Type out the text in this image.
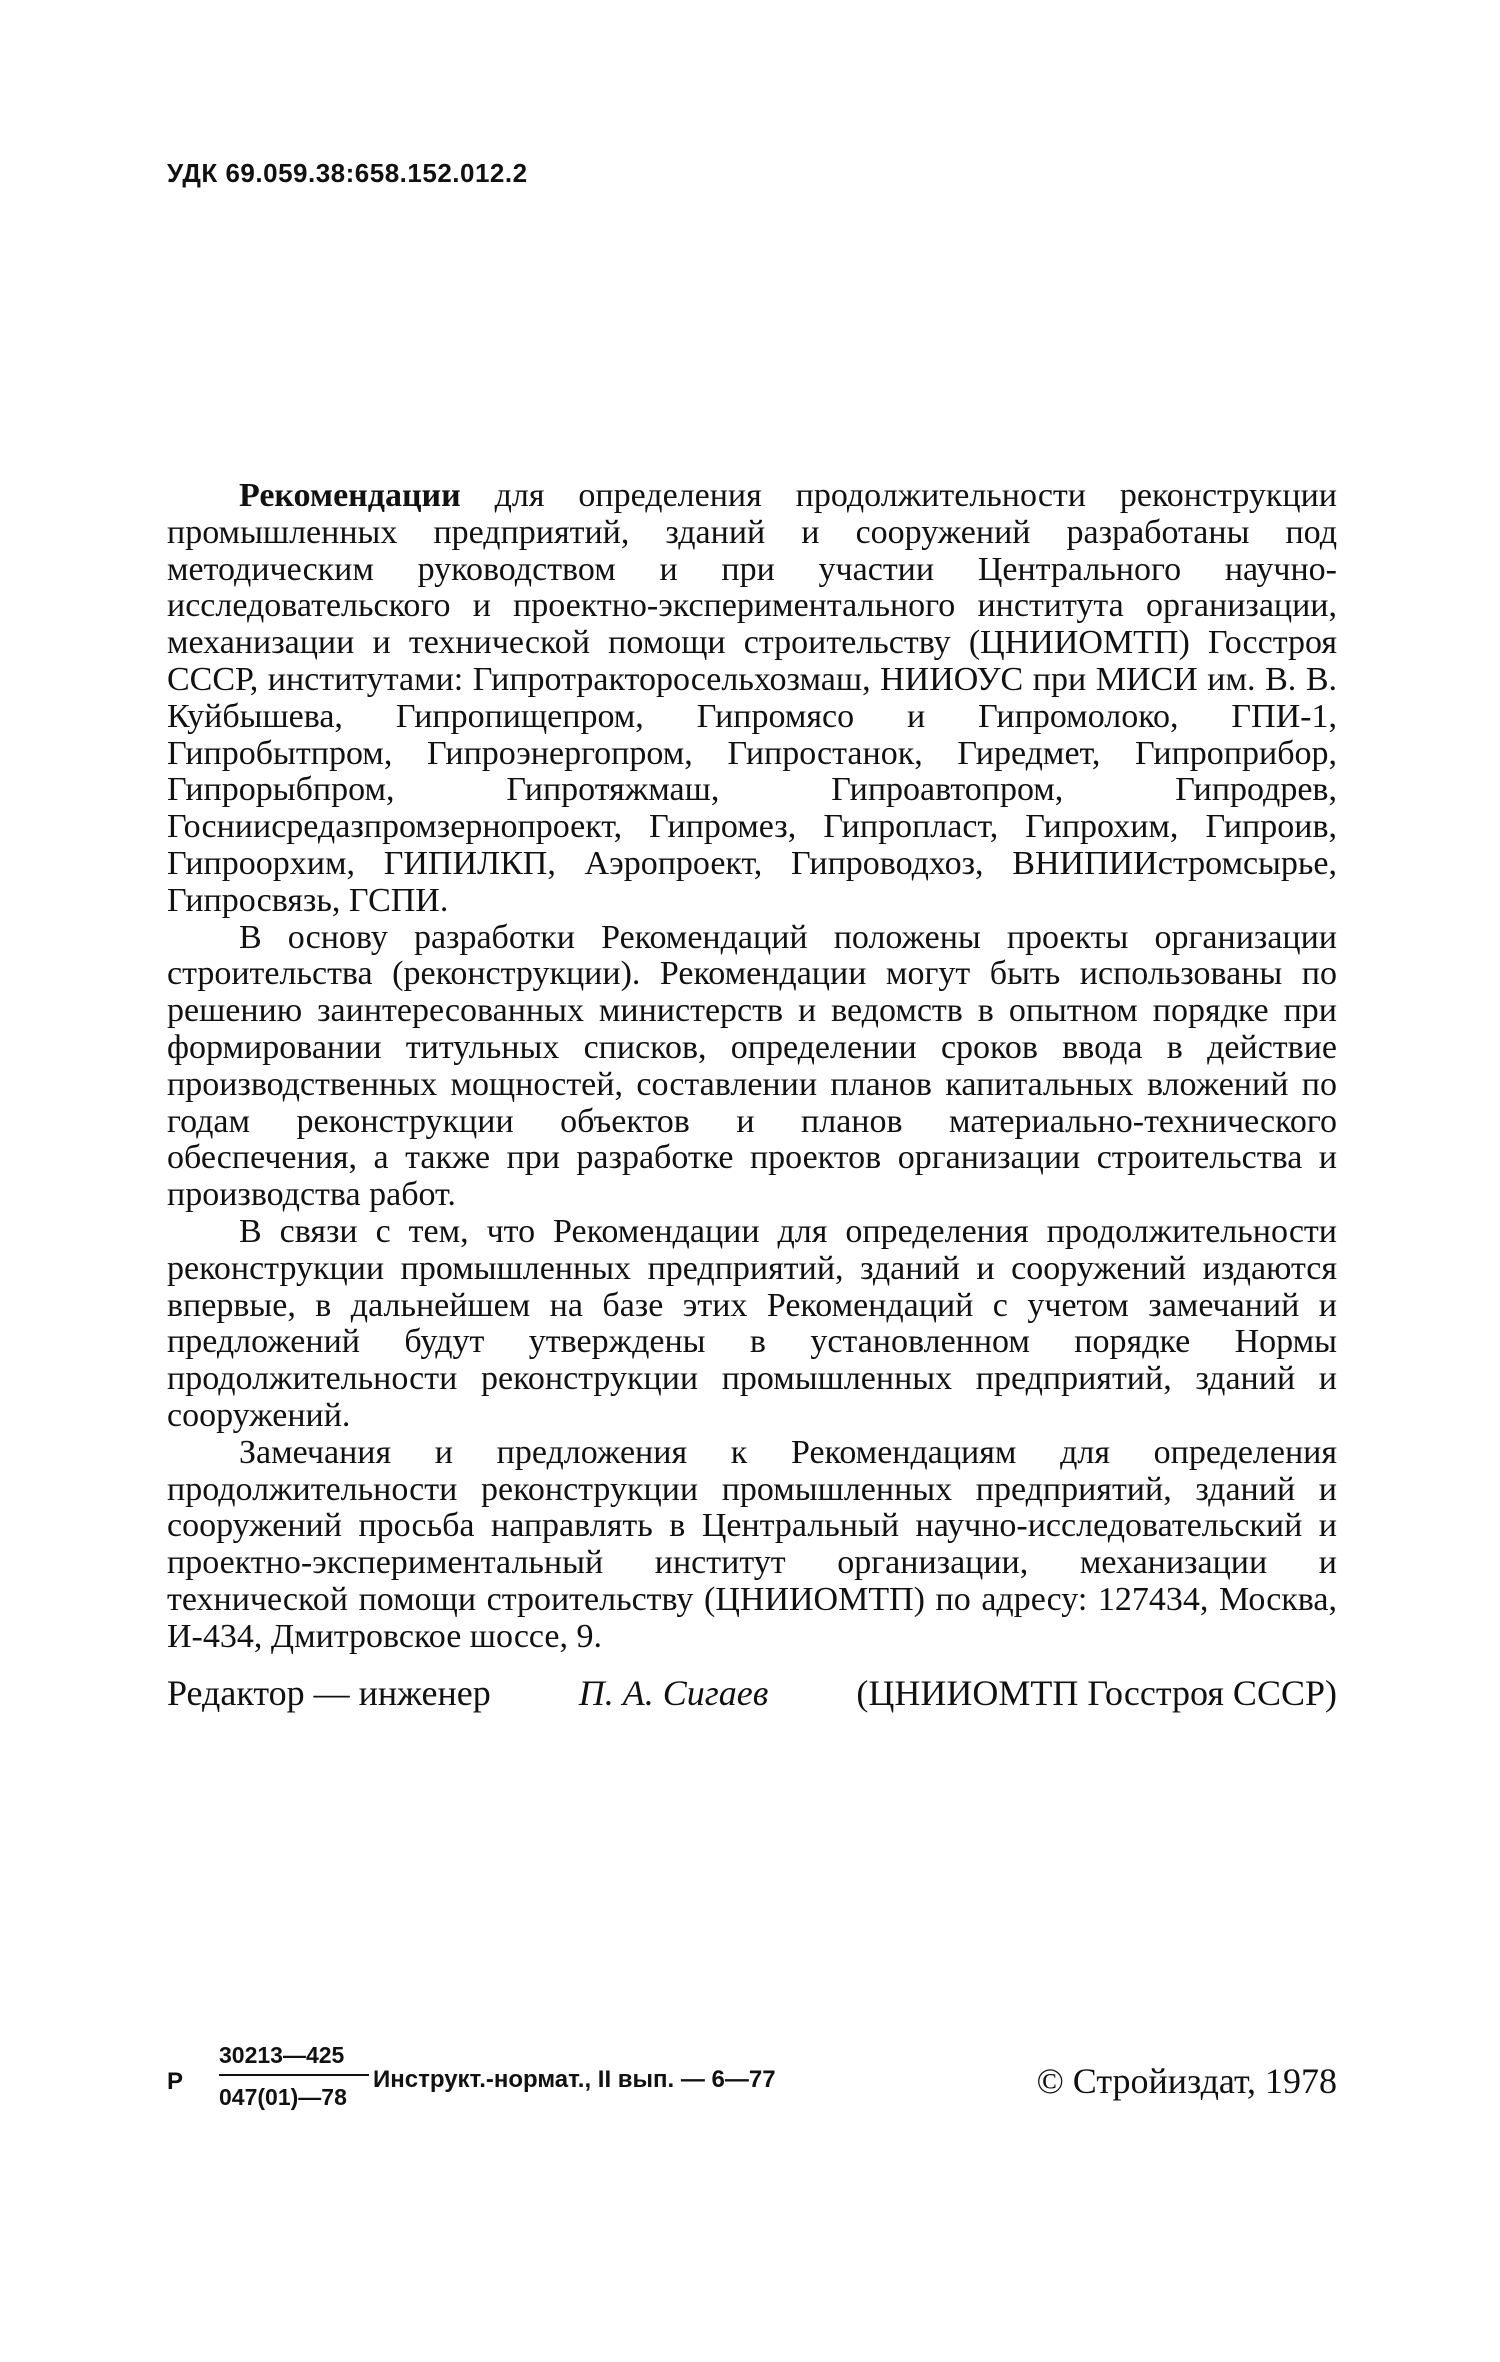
УДК 69.059.38:658.152.012.2

Рекомендации для определения продолжительности реконструкции промышленных предприятий, зданий и сооружений разработаны под методическим руководством и при участии Центрального научно-исследовательского и проектно-экспериментального института организации, механизации и технической помощи строительству (ЦНИИОМТП) Госстроя СССР, институтами: Гипротракторосельхозмаш, НИИОУС при МИСИ им. В. В. Куйбышева, Гипропищепром, Гипромясо и Гипромолоко, ГПИ-1, Гипробытпром, Гипроэнергопром, Гипростанок, Гиредмет, Гипроприбор, Гипрорыбпром, Гипротяжмаш, Гипроавтопром, Гипродрев, Госниисредазпромзернопроект, Гипромез, Гипропласт, Гипрохим, Гипроив, Гипроорхим, ГИПИЛКП, Аэропроект, Гипроводхоз, ВНИПИИстромсырье, Гипросвязь, ГСПИ.

В основу разработки Рекомендаций положены проекты организации строительства (реконструкции). Рекомендации могут быть использованы по решению заинтересованных министерств и ведомств в опытном порядке при формировании титульных списков, определении сроков ввода в действие производственных мощностей, составлении планов капитальных вложений по годам реконструкции объектов и планов материально-технического обеспечения, а также при разработке проектов организации строительства и производства работ.

В связи с тем, что Рекомендации для определения продолжительности реконструкции промышленных предприятий, зданий и сооружений издаются впервые, в дальнейшем на базе этих Рекомендаций с учетом замечаний и предложений будут утверждены в установленном порядке Нормы продолжительности реконструкции промышленных предприятий, зданий и сооружений.

Замечания и предложения к Рекомендациям для определения продолжительности реконструкции промышленных предприятий, зданий и сооружений просьба направлять в Центральный научно-исследовательский и проектно-экспериментальный институт организации, механизации и технической помощи строительству (ЦНИИОМТП) по адресу: 127434, Москва, И-434, Дмитровское шоссе, 9.

Редактор — инженер П. А. Сигаев (ЦНИИОМТП Госстроя СССР)
Р $\frac{30213—425}{047(01)—78}$ Инструкт.-нормат., II вып. — 6—77	© Стройиздат, 1978
